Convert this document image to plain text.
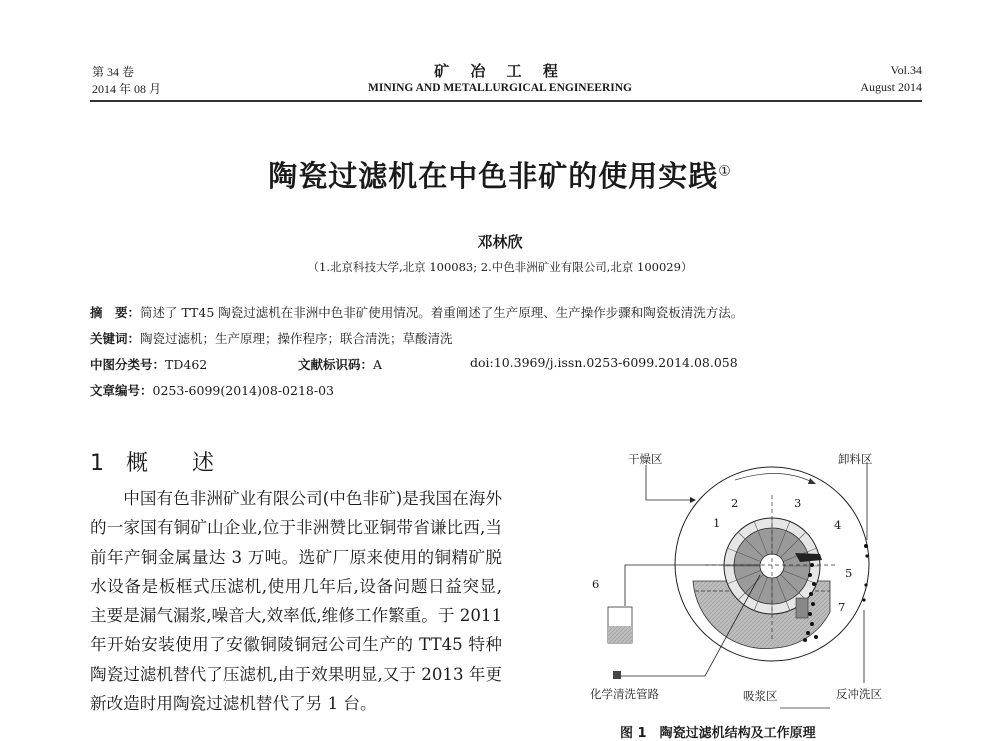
第 34 卷
2014 年 08 月
矿 冶 工 程
MINING AND METALLURGICAL ENGINEERING
Vol.34
August 2014
陶瓷过滤机在中色非矿的使用实践①
邓林欣
（1.北京科技大学,北京 100083; 2.中色非洲矿业有限公司,北京 100029）
摘　要：简述了 TT45 陶瓷过滤机在非洲中色非矿使用情况。着重阐述了生产原理、生产操作步骤和陶瓷板清洗方法。
关键词：陶瓷过滤机；生产原理；操作程序；联合清洗；草酸清洗
中图分类号：TD462	文献标识码：A	doi:10.3969/j.issn.0253-6099.2014.08.058
文章编号：0253-6099(2014)08-0218-03
1　概　　述

中国有色非洲矿业有限公司(中色非矿)是我国在海外的一家国有铜矿山企业,位于非洲赞比亚铜带省谦比西,当前年产铜金属量达 3 万吨。选矿厂原来使用的铜精矿脱水设备是板框式压滤机,使用几年后,设备问题日益突显,主要是漏气漏浆,噪音大,效率低,维修工作繁重。于 2011 年开始安装使用了安徽铜陵铜冠公司生产的 TT45 特种陶瓷过滤机替代了压滤机,由于效果明显,又于 2013 年更新改造时用陶瓷过滤机替代了另 1 台。

干燥区	卸料区
化学清洗管路	吸浆区	反冲洗区
1
2	3
4
5
6
7
图 1　陶瓷过滤机结构及工作原理
